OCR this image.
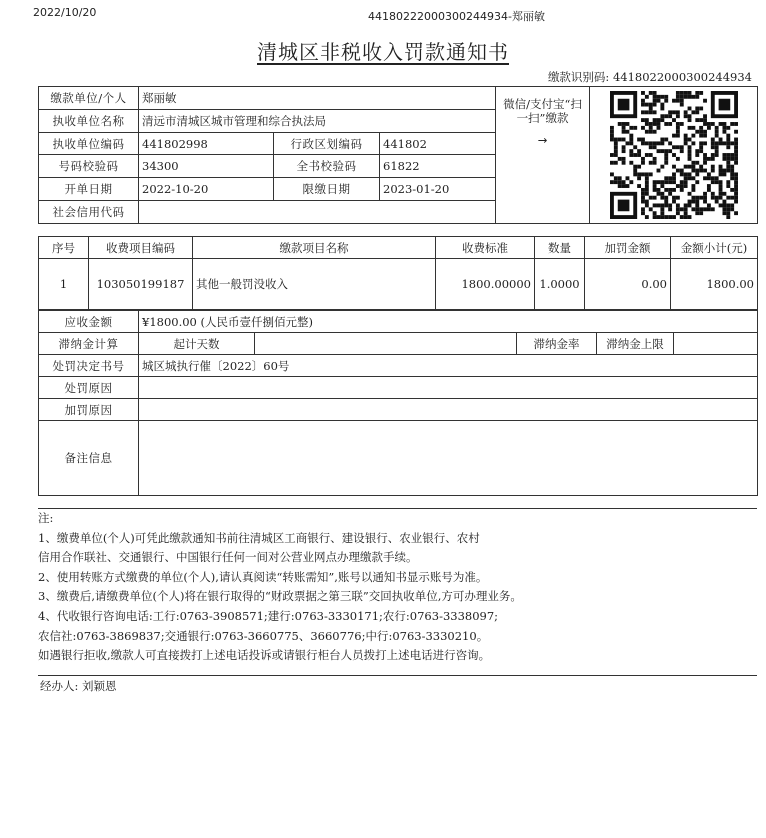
2022/10/20	441802220003002449​34-郑丽敏
清城区非税收入罚款通知书
缴款识别码: 441802200030024493​4
缴款单位/个人	郑丽敏			微信/支付宝“扫一扫”缴款
→

执收单位名称	清远市清城区城市管理和综合执法局				
执收单位编码	441802998	行政区划编码	441802		
号码校验码	34300	全书校验码	61822		
开单日期	2022-10-20	限缴日期	2023-01-20		
社会信用代码					
序号	收费项目编码	缴款项目名称	收费标准	数量	加罚金额	金额小计(元)
1	103050199187	其他一般罚没收入	1800.00000	1.0000	0.00	1800.00
应收金额	¥1800.00 (人民币壹仟捌佰元整)				
滞纳金计算	起计天数		滞纳金率	滞纳金上限	
处罚决定书号	城区城执行催〔2022〕60号				
处罚原因					
加罚原因					
备注信息					
注:
1、缴费单位(个人)可凭此缴款通知书前往清城区工商银行、建设银行、农业银行、农村
信用合作联社、交通银行、中国银行任何一间对公营业网点办理缴款手续。
2、使用转账方式缴费的单位(个人),请认真阅读“转账需知”,账号以通知书显示账号为准。
3、缴费后,请缴费单位(个人)将在银行取得的“财政票据之第三联”交回执收单位,方可办理业务。
4、代收银行咨询电话:工行:0763-3908571;建行:0763-3330171;农行:0763-3338097;
农信社:0763-3869837;交通银行:0763-3660775、3660776;中行:0763-3330210。
如遇银行拒收,缴款人可直接拨打上述电话投诉或请银行柜台人员拨打上述电话进行咨询。
经办人: 刘颖恩
